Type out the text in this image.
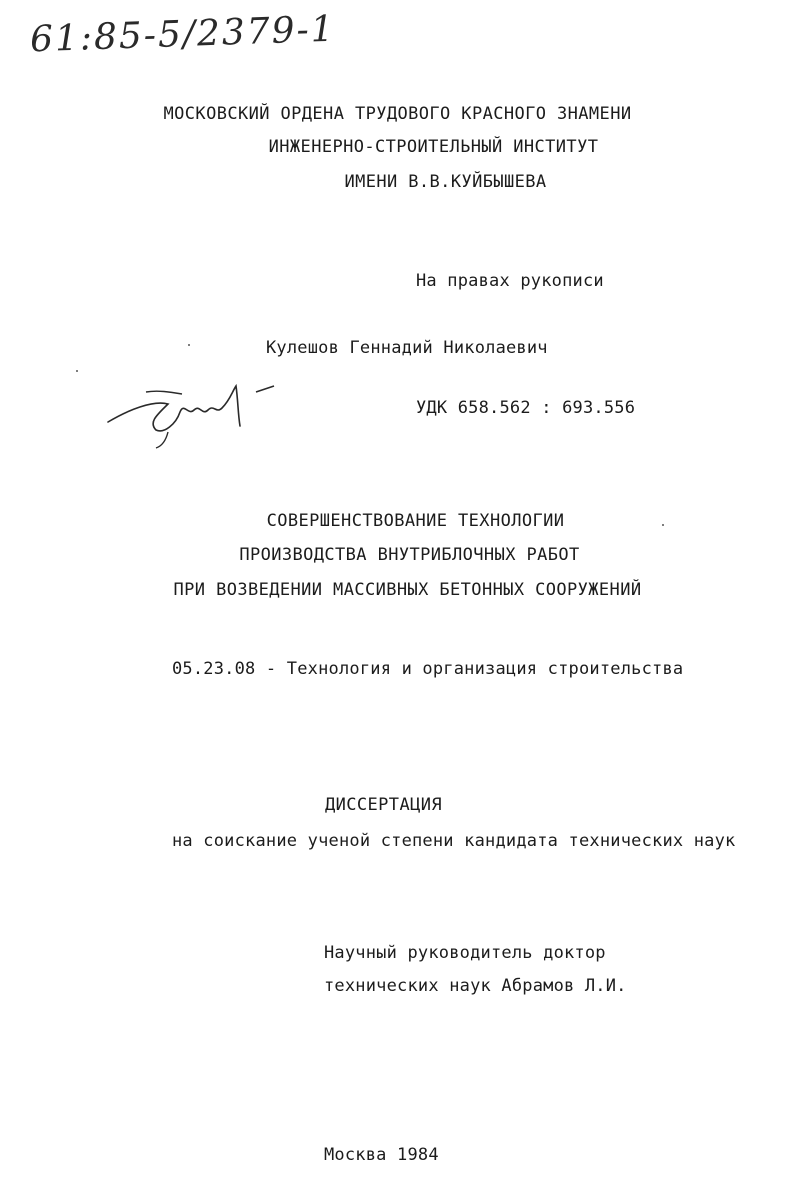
61:85-5/2379-1
МОСКОВСКИЙ ОРДЕНА ТРУДОВОГО КРАСНОГО ЗНАМЕНИ
ИНЖЕНЕРНО-СТРОИТЕЛЬНЫЙ ИНСТИТУТ
ИМЕНИ В.В.КУЙБЫШЕВА
На правах рукописи
Кулешов Геннадий Николаевич
УДК 658.562 : 693.556
СОВЕРШЕНСТВОВАНИЕ ТЕХНОЛОГИИ
ПРОИЗВОДСТВА ВНУТРИБЛОЧНЫХ РАБОТ
ПРИ ВОЗВЕДЕНИИ МАССИВНЫХ БЕТОННЫХ СООРУЖЕНИЙ
05.23.08 - Технология и организация строительства
ДИССЕРТАЦИЯ
на соискание ученой степени кандидата технических наук
Научный руководитель доктор
технических наук Абрамов Л.И.
Москва 1984
